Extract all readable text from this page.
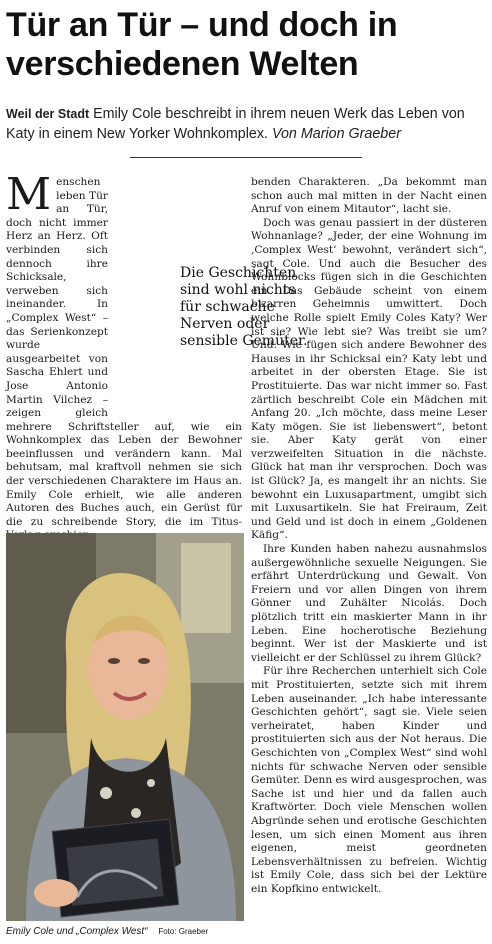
Tür an Tür – und doch in verschiedenen Welten
Weil der Stadt Emily Cole beschreibt in ihrem neuen Werk das Leben von Katy in einem New Yorker Wohnkomplex. Von Marion Graeber

Menschen leben Tür an Tür, doch nicht immer Herz an Herz. Oft verbinden sich dennoch ihre Schicksale, verweben sich ineinander. In „Complex West“ – das Serienkonzept wurde ausgearbeitet von Sascha Ehlert und Jose Antonio Martin Vilchez – zeigen gleich mehrere Schriftsteller auf, wie ein Wohnkomplex das Leben der Bewohner beeinflussen und verändern kann. Mal behutsam, mal kraftvoll nehmen sie sich der verschiedenen Charaktere im Haus an. Emily Cole erhielt, wie alle anderen Autoren des Buches auch, ein Gerüst für die zu schreibende Story, die im Titus-

Die Geschichten sind wohl nichts für schwache Nerven oder sensible Gemüter.

benden Charakteren. „Da bekommt man schon auch mal mitten in der Nacht einen Anruf von einem Mitautor“, lacht sie.

Doch was genau passiert in der düsteren Wohnanlage? „Jeder, der eine Wohnung im ‚Complex West‘ bewohnt, verändert sich“, sagt Cole. Und auch die Besucher des Wohnblocks fügen sich in die Geschichten ein. Das Gebäude scheint von einem bizarren Geheimnis umwittert. Doch welche Rolle spielt Emily Coles Katy? Wer ist sie? Wie lebt sie? Was treibt sie um? Und: Wie fügen sich andere Bewohner des Hauses in ihr Schicksal ein? Katy lebt und arbeitet in der obersten Etage. Sie ist Prostituierte. Das war nicht immer so. Fast zärtlich beschreibt Cole ein Mädchen mit Anfang 20. „Ich möchte, dass meine Leser Katy mögen. Sie ist liebenswert“, betont sie. Aber Katy gerät von einer verzweifelten Situation in die nächste. Glück hat man ihr versprochen. Doch was ist Glück? Ja, es mangelt ihr an nichts. Sie bewohnt ein Luxusapartment, umgibt sich mit Luxusartikeln. Sie hat Freiraum, Zeit und Geld und ist doch in einem „Goldenen Käfig“.

Ihre Kunden haben nahezu ausnahmslos außergewöhnliche sexuelle Neigungen. Sie erfährt Unterdrückung und Gewalt. Von Freiern und vor allen Dingen von ihrem Gönner und Zuhälter Nicolás. Doch plötzlich tritt ein maskierter Mann in ihr Leben. Eine hocherotische Beziehung beginnt. Wer ist der Maskierte und ist vielleicht er der Schlüssel zu ihrem Glück?

Für ihre Recherchen unterhielt sich Cole mit Prostituierten, setzte sich mit ihrem Leben auseinander. „Ich habe interessante Geschichten gehört“, sagt sie. Viele seien verheiratet, haben Kinder und prostituierten sich aus der Not heraus. Die Geschichten von „Complex West“ sind wohl nichts für schwache Nerven oder sensible Gemüter. Denn es wird ausgesprochen, was Sache ist und hier und da fallen auch Kraftwörter. Doch viele Menschen wollen Abgründe sehen und erotische Geschichten lesen, um sich einen Moment aus ihren eigenen, meist geordneten Lebensverhältnissen zu befreien. Wichtig ist Emily Cole, dass sich bei der Lektüre ein Kopfkino entwickelt.

Emily Cole und „Complex West“ Foto: Graeber
